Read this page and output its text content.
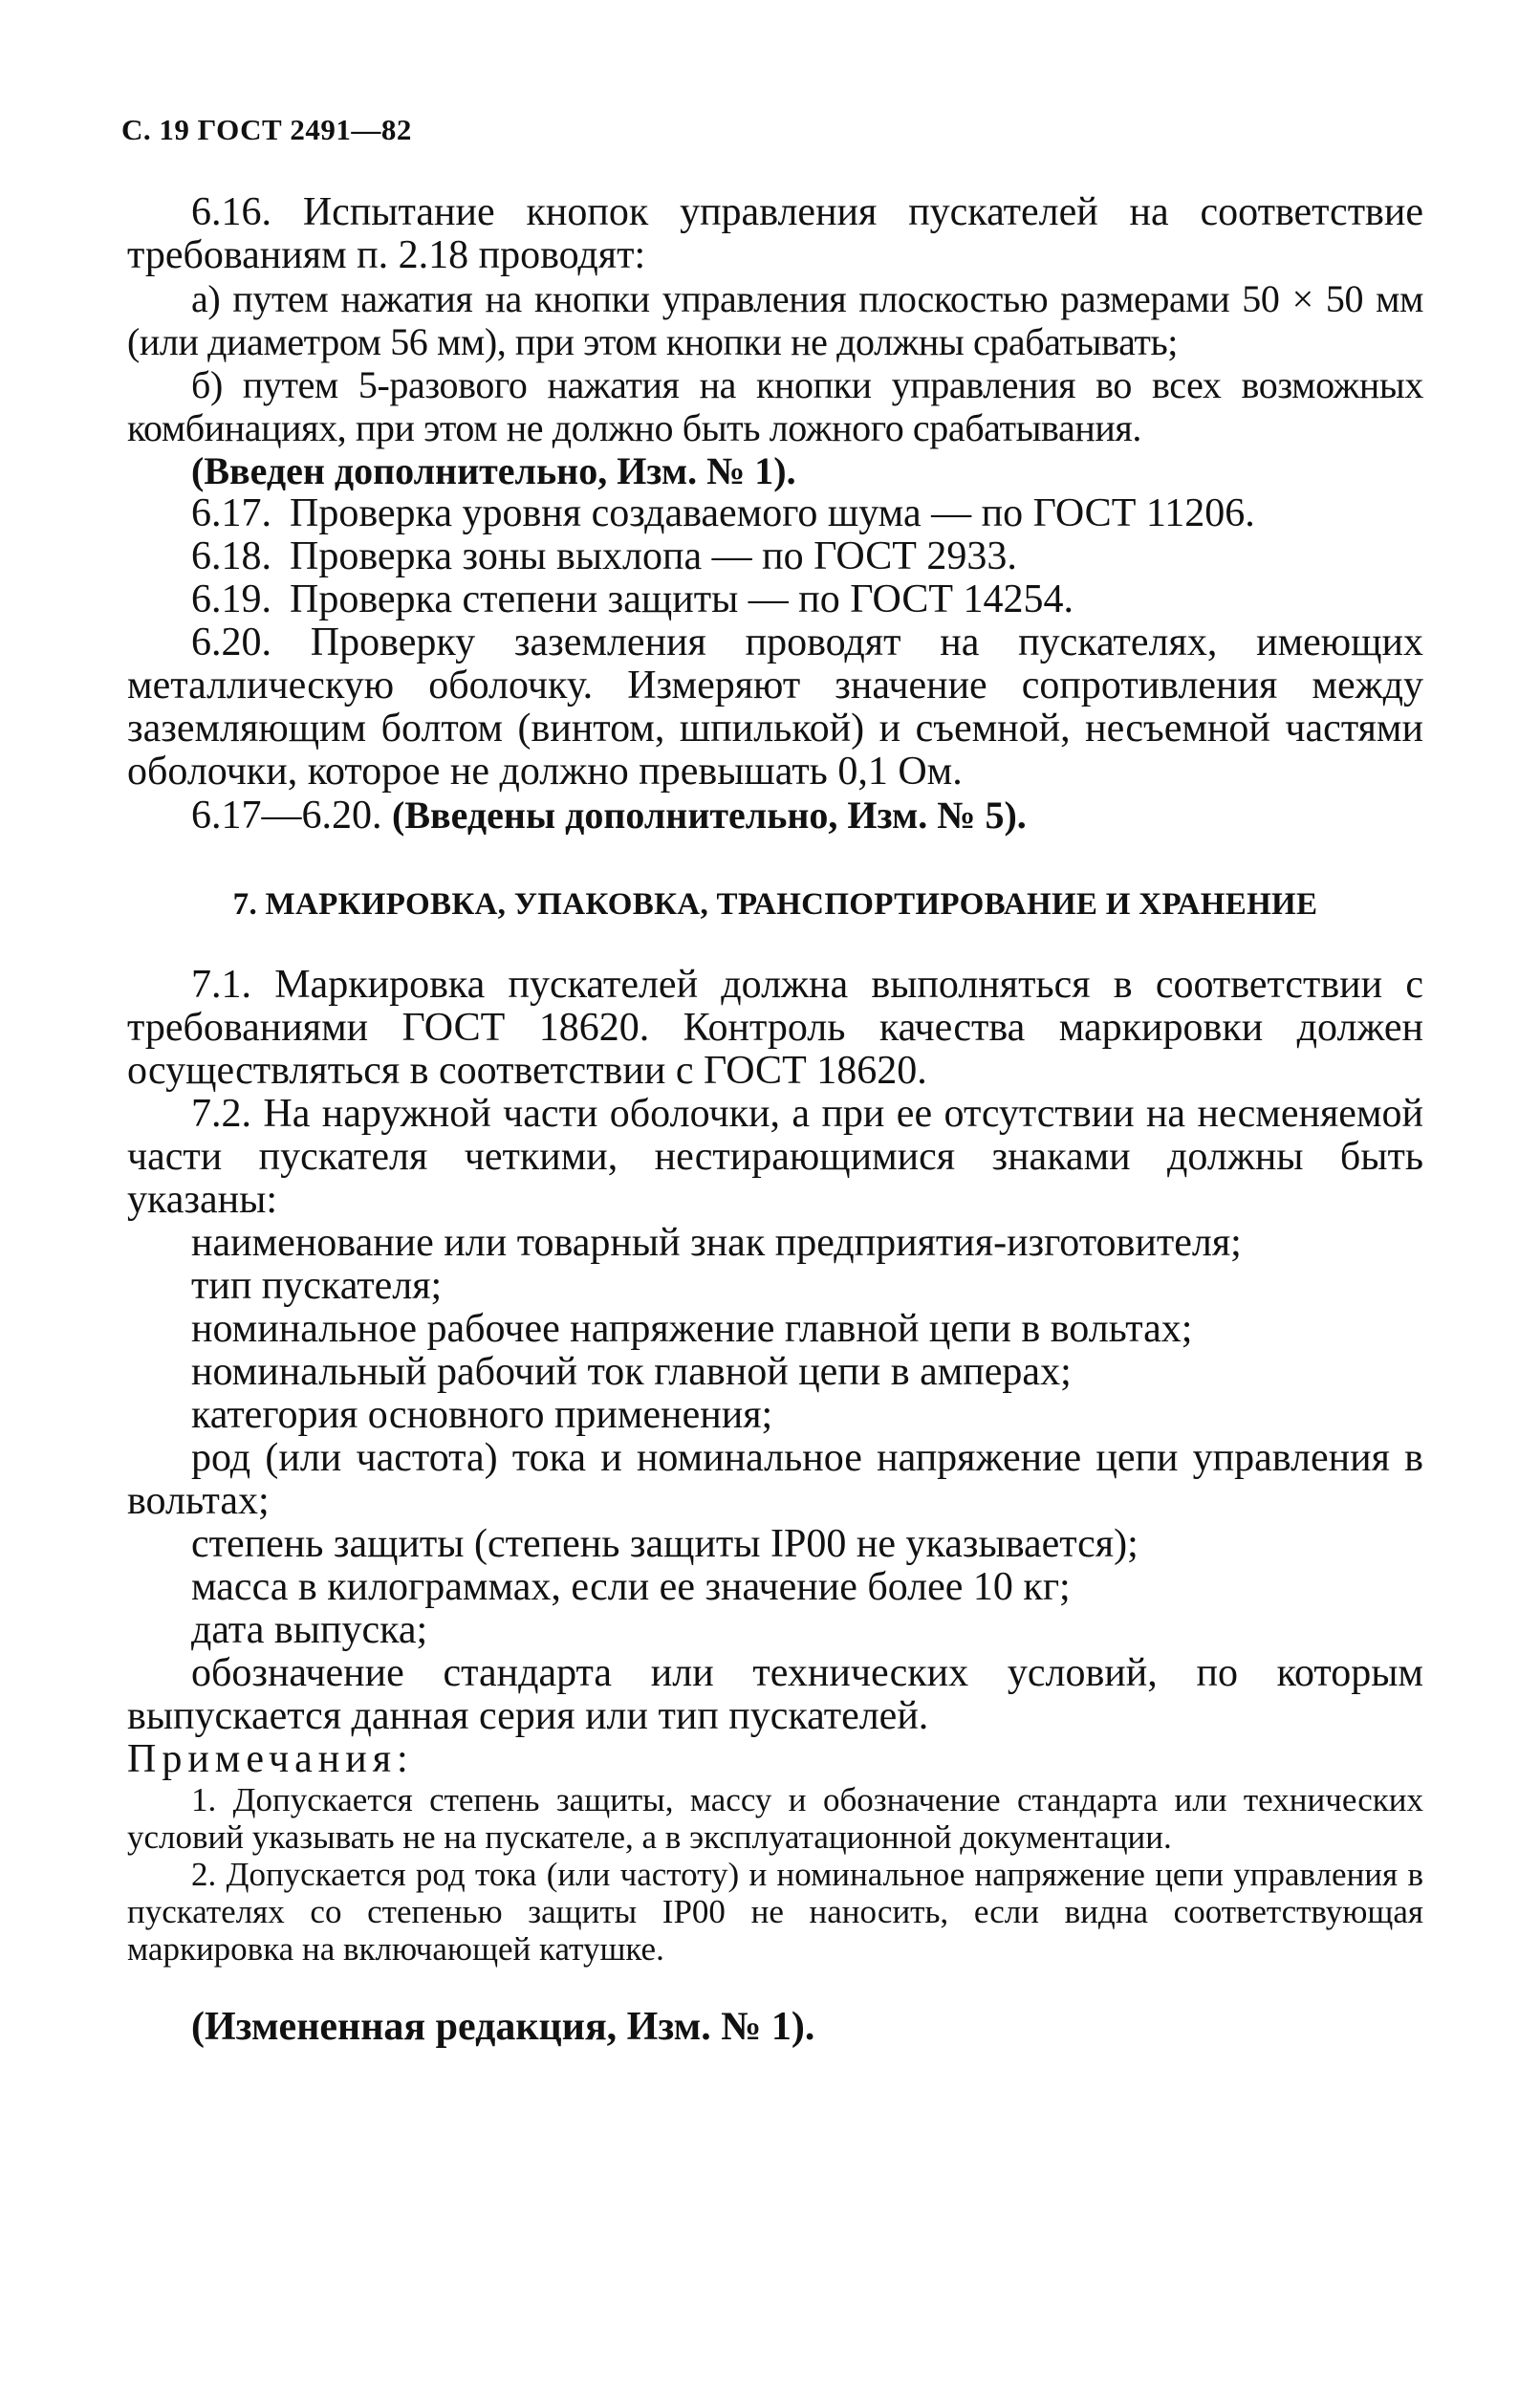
С. 19 ГОСТ 2491—82

6.16. Испытание кнопок управления пускателей на соответствие требованиям п. 2.18 проводят:

а) путем нажатия на кнопки управления плоскостью размерами 50 × 50 мм (или диаметром 56 мм), при этом кнопки не должны срабатывать;

б) путем 5-разового нажатия на кнопки управления во всех возможных комбинациях, при этом не должно быть ложного срабатывания.

(Введен дополнительно, Изм. № 1).

6.17. Проверка уровня создаваемого шума — по ГОСТ 11206.

6.18. Проверка зоны выхлопа — по ГОСТ 2933.

6.19. Проверка степени защиты — по ГОСТ 14254.

6.20. Проверку заземления проводят на пускателях, имеющих металлическую оболочку. Измеряют значение сопротивления между заземляющим болтом (винтом, шпилькой) и съемной, несъемной частями оболочки, которое не должно превышать 0,1 Ом.

6.17—6.20. (Введены дополнительно, Изм. № 5).

7. МАРКИРОВКА, УПАКОВКА, ТРАНСПОРТИРОВАНИЕ И ХРАНЕНИЕ

7.1. Маркировка пускателей должна выполняться в соответствии с требованиями ГОСТ 18620. Контроль качества маркировки должен осуществляться в соответствии с ГОСТ 18620.

7.2. На наружной части оболочки, а при ее отсутствии на несменяемой части пускателя четкими, нестирающимися знаками должны быть указаны:

наименование или товарный знак предприятия-изготовителя;

тип пускателя;

номинальное рабочее напряжение главной цепи в вольтах;

номинальный рабочий ток главной цепи в амперах;

категория основного применения;

род (или частота) тока и номинальное напряжение цепи управления в вольтах;

степень защиты (степень защиты IP00 не указывается);

масса в килограммах, если ее значение более 10 кг;

дата выпуска;

обозначение стандарта или технических условий, по которым выпускается данная серия или тип пускателей.

Примечания:

1. Допускается степень защиты, массу и обозначение стандарта или технических условий указывать не на пускателе, а в эксплуатационной документации.

2. Допускается род тока (или частоту) и номинальное напряжение цепи управления в пускателях со степенью защиты IP00 не наносить, если видна соответствующая маркировка на включающей катушке.

(Измененная редакция, Изм. № 1).
